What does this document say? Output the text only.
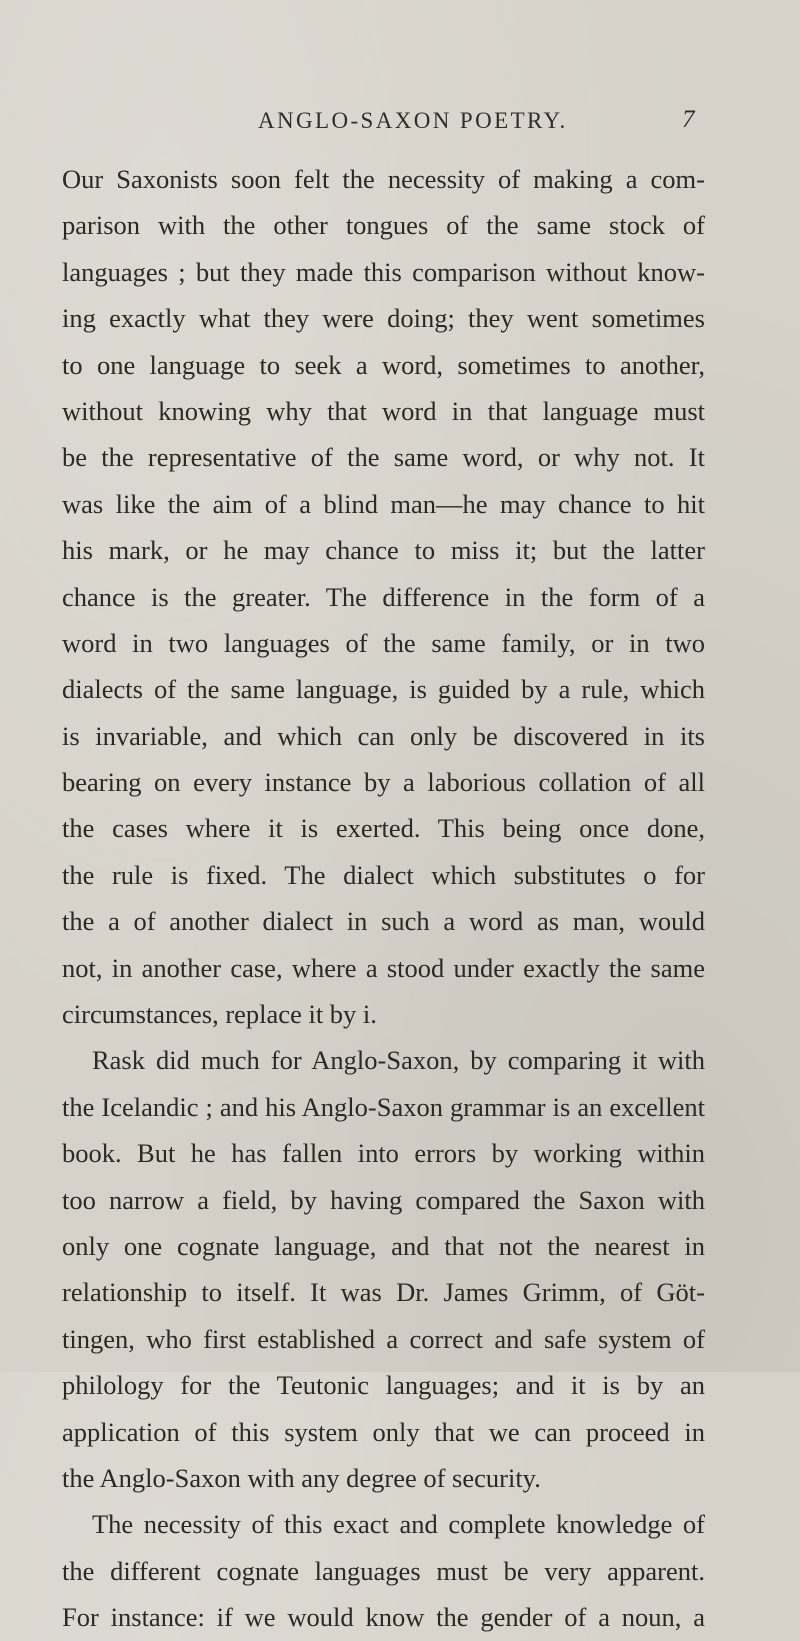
ANGLO-SAXON POETRY.	7
Our Saxonists soon felt the necessity of making a com-
parison with the other tongues of the same stock of
languages ; but they made this comparison without know-
ing exactly what they were doing; they went sometimes
to one language to seek a word, sometimes to another,
without knowing why that word in that language must
be the representative of the same word, or why not. It
was like the aim of a blind man—he may chance to hit
his mark, or he may chance to miss it; but the latter
chance is the greater. The difference in the form of a
word in two languages of the same family, or in two
dialects of the same language, is guided by a rule, which
is invariable, and which can only be discovered in its
bearing on every instance by a laborious collation of all
the cases where it is exerted. This being once done,
the rule is fixed. The dialect which substitutes o for
the a of another dialect in such a word as man, would
not, in another case, where a stood under exactly the same
circumstances, replace it by i.
Rask did much for Anglo-Saxon, by comparing it with
the Icelandic ; and his Anglo-Saxon grammar is an excellent
book. But he has fallen into errors by working within
too narrow a field, by having compared the Saxon with
only one cognate language, and that not the nearest in
relationship to itself. It was Dr. James Grimm, of Göt-
tingen, who first established a correct and safe system of
philology for the Teutonic languages; and it is by an
application of this system only that we can proceed in
the Anglo-Saxon with any degree of security.
The necessity of this exact and complete knowledge of
the different cognate languages must be very apparent.
For instance: if we would know the gender of a noun, a
